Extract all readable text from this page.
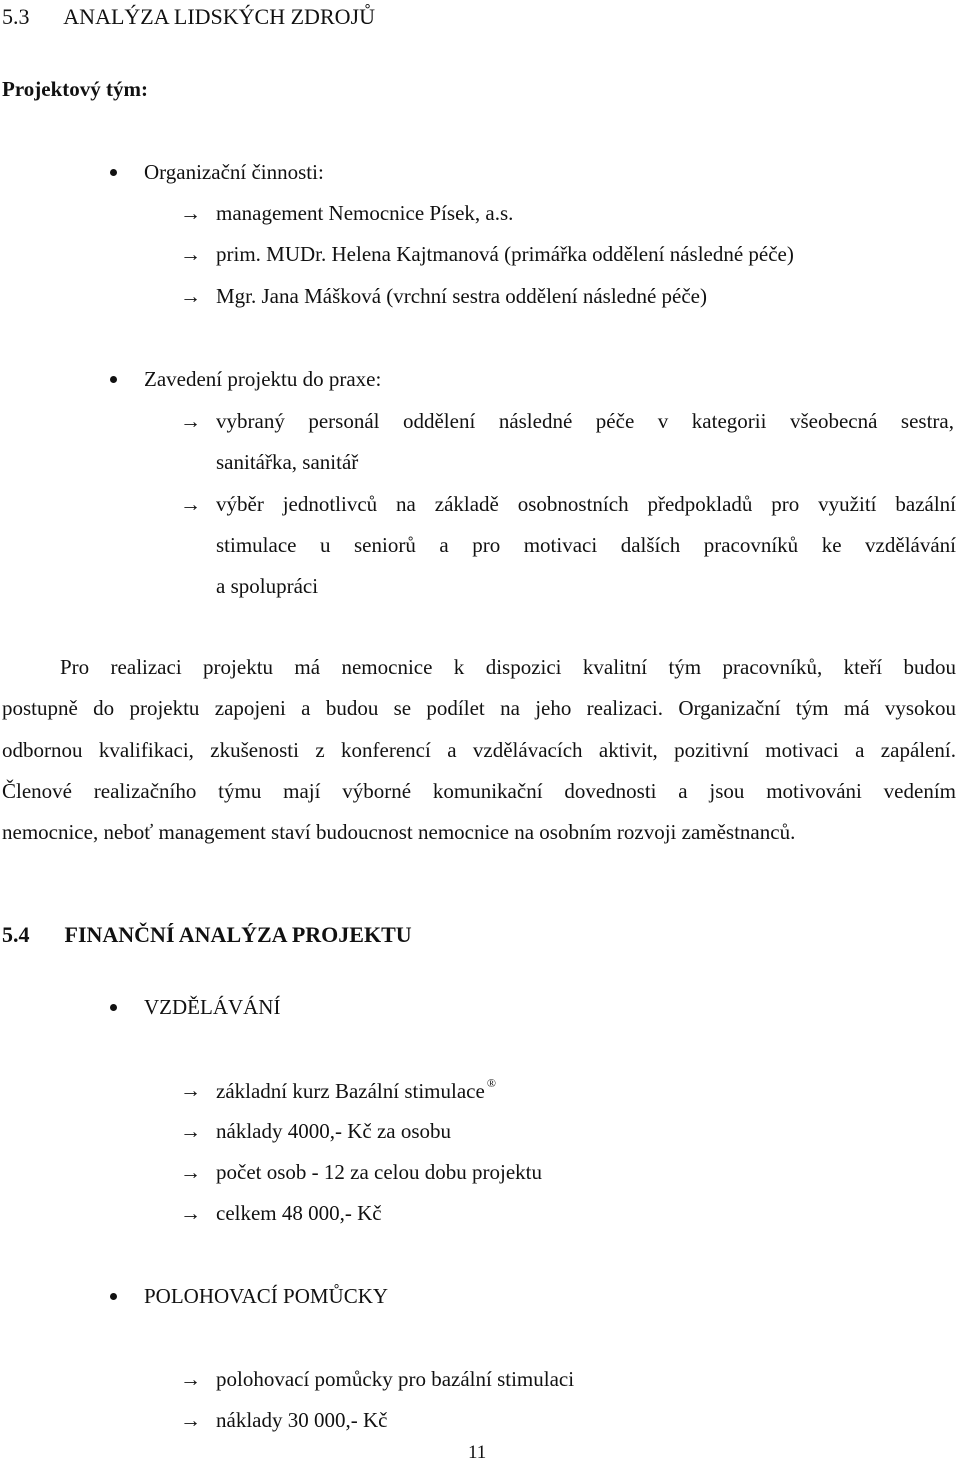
5.3 ANALÝZA LIDSKÝCH ZDROJŮ
Projektový tým:
Organizační činnosti:
→ management Nemocnice Písek, a.s.
→ prim. MUDr. Helena Kajtmanová (primářka oddělení následné péče)
→ Mgr. Jana Mášková (vrchní sestra oddělení následné péče)
Zavedení projektu do praxe:
→ vybraný personál oddělení následné péče v kategorii všeobecná sestra,
sanitářka, sanitář
→ výběr jednotlivců na základě osobnostních předpokladů pro využití bazální
stimulace u seniorů a pro motivaci dalších pracovníků ke vzdělávání
a spolupráci
Pro realizaci projektu má nemocnice k dispozici kvalitní tým pracovníků, kteří budou
postupně do projektu zapojeni a budou se podílet na jeho realizaci. Organizační tým má vysokou
odbornou kvalifikaci, zkušenosti z konferencí a vzdělávacích aktivit, pozitivní motivaci a zapálení.
Členové realizačního týmu mají výborné komunikační dovednosti a jsou motivováni vedením
nemocnice, neboť management staví budoucnost nemocnice na osobním rozvoji zaměstnanců.
5.4 FINANČNÍ ANALÝZA PROJEKTU
VZDĚLÁVÁNÍ
→ základní kurz Bazální stimulace ®
→ náklady 4000,- Kč za osobu
→ počet osob - 12 za celou dobu projektu
→ celkem 48 000,- Kč
POLOHOVACÍ POMŮCKY
→ polohovací pomůcky pro bazální stimulaci
→ náklady 30 000,- Kč
11
